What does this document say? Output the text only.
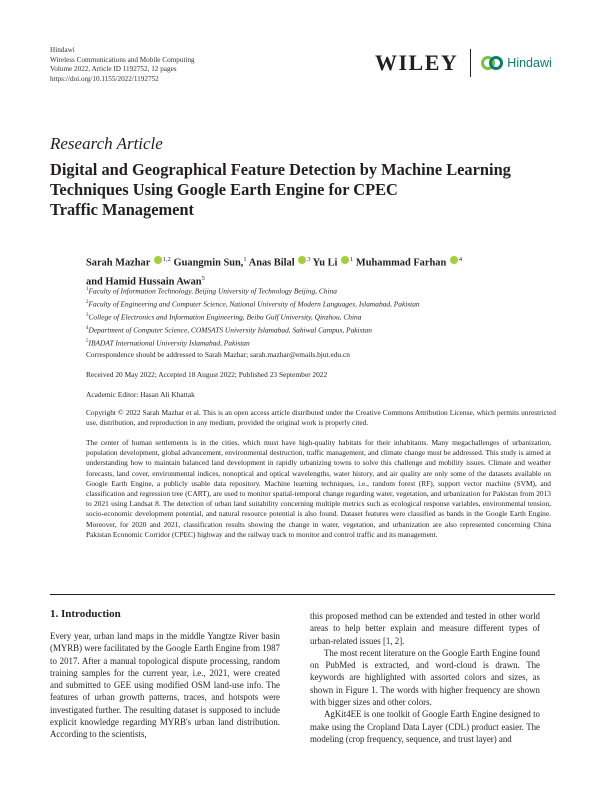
Hindawi
Wireless Communications and Mobile Computing
Volume 2022, Article ID 1192752, 12 pages
https://doi.org/10.1155/2022/1192752
WILEY	Hindawi
Research Article
Digital and Geographical Feature Detection by Machine Learning
Techniques Using Google Earth Engine for CPEC
Traffic Management
Sarah Mazhar $^{1,2}$ Guangmin Sun,$^1$ Anas Bilal $^3$ Yu Li $^1$ Muhammad Farhan $^4$
and Hamid Hussain Awan$^5$
$^1$Faculty of Information Technology, Beijing University of Technology Beijing, China
$^2$Faculty of Engineering and Computer Science, National University of Modern Languages, Islamabad, Pakistan
$^3$College of Electronics and Information Engineering, Beibu Gulf University, Qinzhou, China
$^4$Department of Computer Science, COMSATS University Islamabad, Sahiwal Campus, Pakistan
$^5$IBADAT International University Islamabad, Pakistan
Correspondence should be addressed to Sarah Mazhar; sarah.mazhar@emails.bjut.edu.cn
Received 20 May 2022; Accepted 18 August 2022; Published 23 September 2022
Academic Editor: Hasan Ali Khattak
Copyright © 2022 Sarah Mazhar et al. This is an open access article distributed under the Creative Commons Attribution License, which permits unrestricted use, distribution, and reproduction in any medium, provided the original work is properly cited.
The center of human settlements is in the cities, which must have high-quality habitats for their inhabitants. Many megachallenges of urbanization, population development, global advancement, environmental destruction, traffic management, and climate change must be addressed. This study is aimed at understanding how to maintain balanced land development in rapidly urbanizing towns to solve this challenge and mobility issues. Climate and weather forecasts, land cover, environmental indices, nonoptical and optical wavelengths, water history, and air quality are only some of the datasets available on Google Earth Engine, a publicly usable data repository. Machine learning techniques, i.e., random forest (RF), support vector machine (SVM), and classification and regression tree (CART), are used to monitor spatial-temporal change regarding water, vegetation, and urbanization for Pakistan from 2013 to 2021 using Landsat 8. The detection of urban land suitability concerning multiple metrics such as ecological response variables, environmental tension, socio-economic development potential, and natural resource potential is also found. Dataset features were classified as bands in the Google Earth Engine. Moreover, for 2020 and 2021, classification results showing the change in water, vegetation, and urbanization are also represented concerning China Pakistan Economic Corridor (CPEC) highway and the railway track to monitor and control traffic and its management.
1. Introduction

Every year, urban land maps in the middle Yangtze River basin (MYRB) were facilitated by the Google Earth Engine from 1987 to 2017. After a manual topological dispute processing, random training samples for the current year, i.e., 2021, were created and submitted to GEE using modified OSM land-use info. The features of urban growth patterns, traces, and hotspots were investigated further. The resulting dataset is supposed to include explicit knowledge regarding MYRB's urban land distribution. According to the scientists,

this proposed method can be extended and tested in other world areas to help better explain and measure different types of urban-related issues [1, 2].

The most recent literature on the Google Earth Engine found on PubMed is extracted, and word-cloud is drawn. The keywords are highlighted with assorted colors and sizes, as shown in Figure 1. The words with higher frequency are shown with bigger sizes and other colors.

AgKit4EE is one toolkit of Google Earth Engine designed to make using the Cropland Data Layer (CDL) product easier. The modeling (crop frequency, sequence, and trust layer) and
